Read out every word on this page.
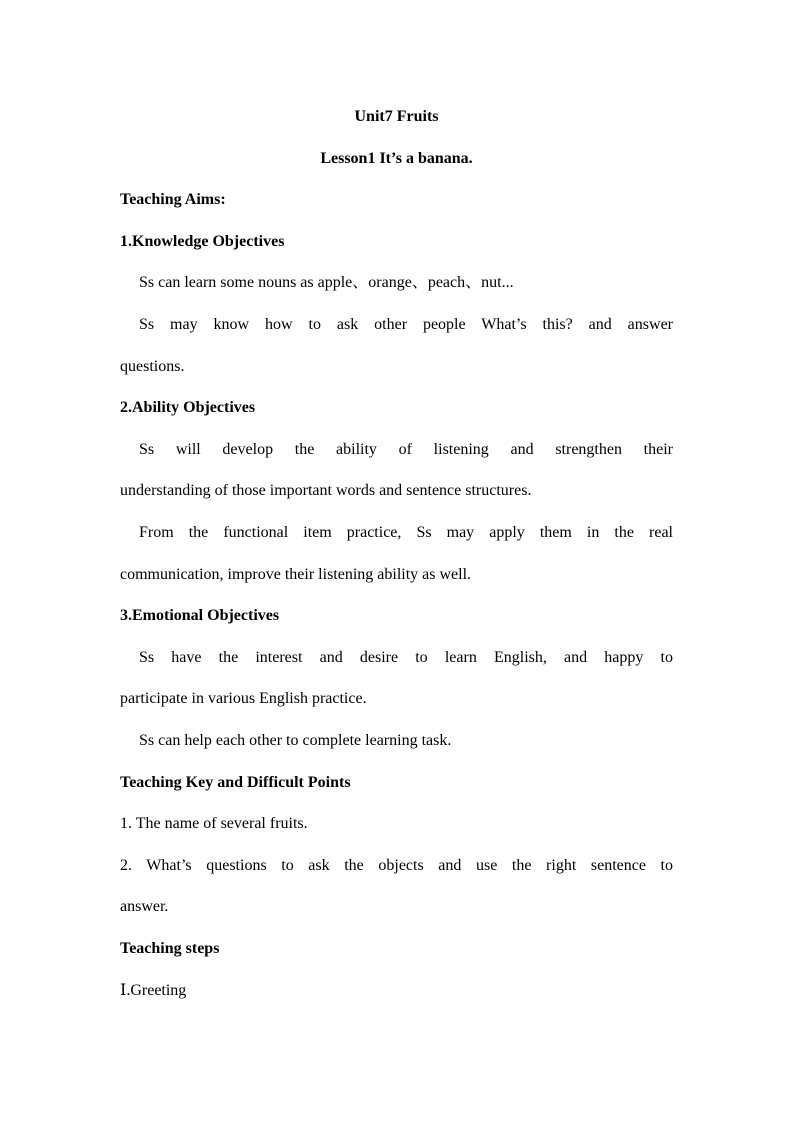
Unit7 Fruits

Lesson1 It’s a banana.

Teaching Aims:

1.Knowledge Objectives

Ss can learn some nouns as apple、orange、peach、nut...

Ss may know how to ask other people What’s this? and answer

questions.

2.Ability Objectives

Ss will develop the ability of listening and strengthen their

understanding of those important words and sentence structures.

From the functional item practice, Ss may apply them in the real

communication, improve their listening ability as well.

3.Emotional Objectives

Ss have the interest and desire to learn English, and happy to

participate in various English practice.

Ss can help each other to complete learning task.

Teaching Key and Difficult Points

1. The name of several fruits.

2. What’s questions to ask the objects and use the right sentence to

answer.

Teaching steps

Ⅰ.Greeting
